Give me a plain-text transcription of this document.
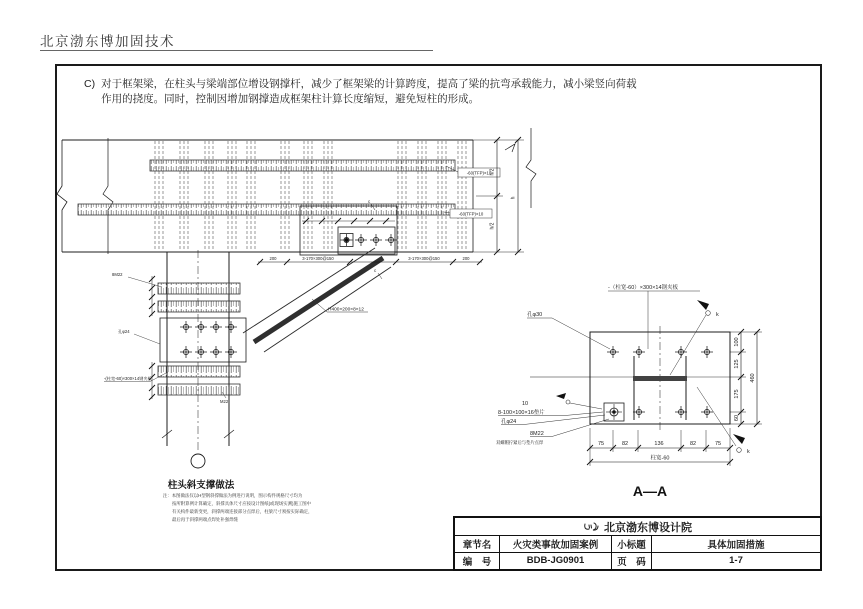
北京渤东博加固技术
C) 对于框架梁，在柱头与梁端部位增设钢撑杆，减少了框架梁的计算跨度，提高了梁的抗弯承载能力，减小梁竖向荷载
作用的挠度。同时，控制因增加钢撑造成框架柱计算长度缩短，避免短柱的形成。
-60(TFP)×10
-60(TFP)×10
c
H400×200×8×12
c
8M22
孔φ24
-(柱宽-60)×300×14钢夹板
M22
200	3-170×300@150	3-170×300@150	200
h/2
h/2
h
柱头斜支撑做法
注：本图做法仅以H型钢斜撑做法为例进行说明，图示构件规格尺寸均为
按所附算例计算确定，斜撑具体尺寸应按设计图纸(或现场实测)施工图中
有关构件最新变更，斜撑两端连接部分点焊后，柱梁尺寸须按实际确定，
最后再于斜撑两端点焊处补强焊缝
孔φ30
-（柱宽-60）×300×14钢夹板
k
k
10
8-100×100×16垫片
孔φ24
8M22
双螺帽拧紧后与垫片点焊	75	82	136	82	75
柱宽-60
100
125
175
60
460
A—A
北京渤东博设计院
章节名	火灾类事故加固案例	小标题	具体加固措施
编　号	BDB-JG0901	页　码	1-7
